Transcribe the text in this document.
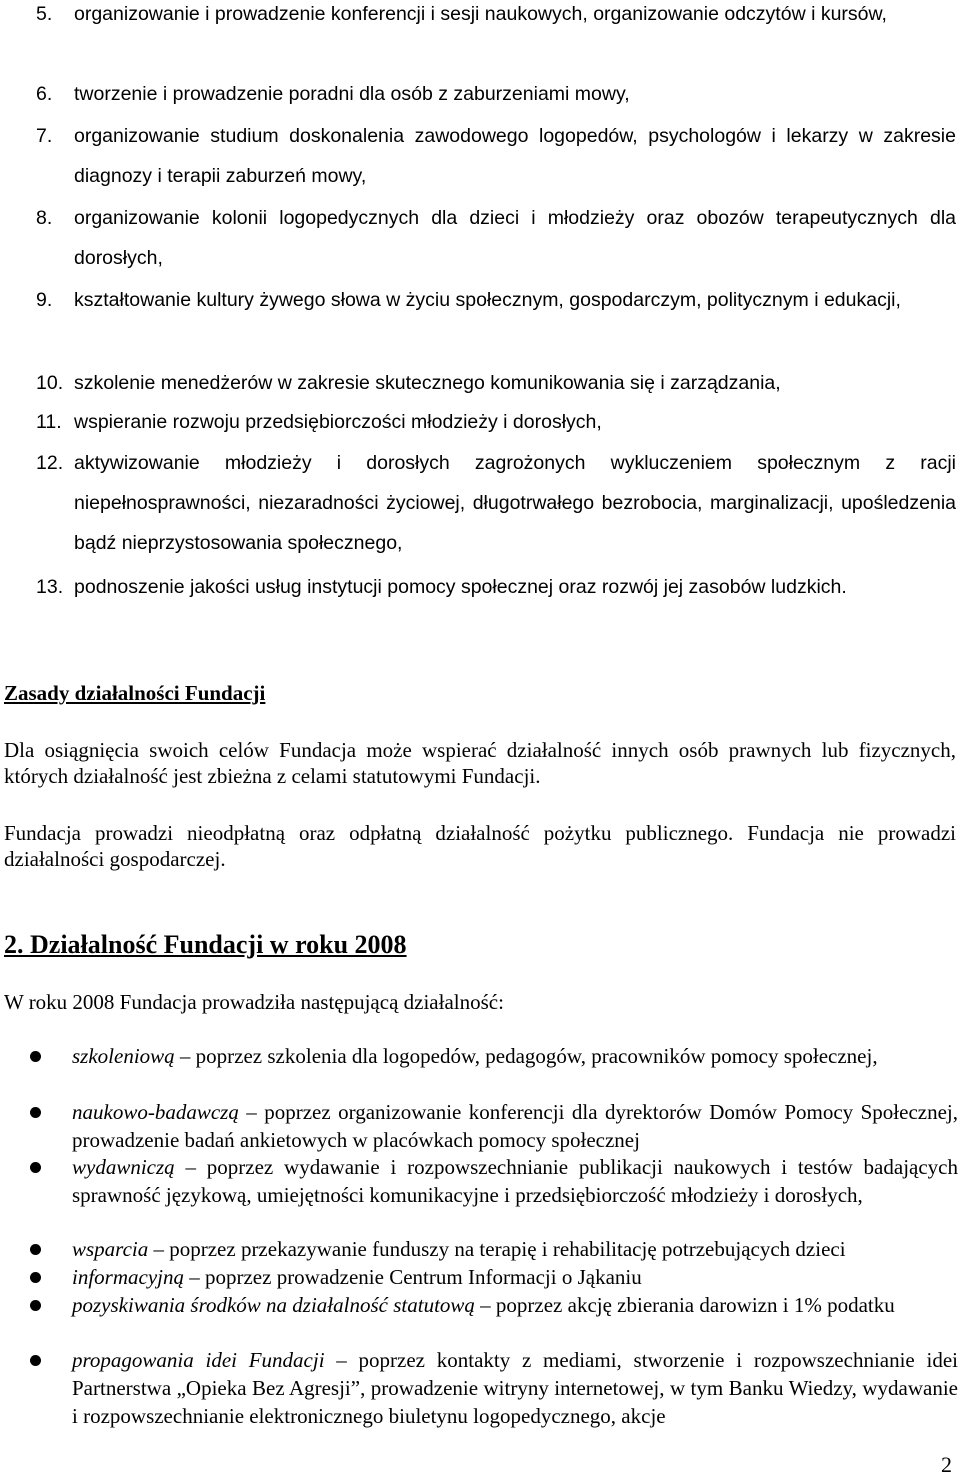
5.	organizowanie i prowadzenie konferencji i sesji naukowych, organizowanie odczytów i kursów,
6.	tworzenie i prowadzenie poradni dla osób z zaburzeniami mowy,
7.	organizowanie studium doskonalenia zawodowego logopedów, psychologów i lekarzy w zakresie diagnozy i terapii zaburzeń mowy,
8.	organizowanie kolonii logopedycznych dla dzieci i młodzieży oraz obozów terapeutycznych dla dorosłych,
9.	kształtowanie kultury żywego słowa w życiu społecznym, gospodarczym, politycznym i edukacji,
10. szkolenie menedżerów w zakresie skutecznego komunikowania się i zarządzania,
11. wspieranie rozwoju przedsiębiorczości młodzieży i dorosłych,
12. aktywizowanie młodzieży i dorosłych zagrożonych wykluczeniem społecznym z racji niepełnosprawności, niezaradności życiowej, długotrwałego bezrobocia, marginalizacji, upośledzenia bądź nieprzystosowania społecznego,
13. podnoszenie jakości usług instytucji pomocy społecznej oraz rozwój jej zasobów ludzkich.
Zasady działalności Fundacji
Dla osiągnięcia swoich celów Fundacja może wspierać działalność innych osób prawnych lub fizycznych, których działalność jest zbieżna z celami statutowymi Fundacji.
Fundacja prowadzi nieodpłatną oraz odpłatną działalność pożytku publicznego. Fundacja nie prowadzi działalności gospodarczej.
2. Działalność Fundacji w roku 2008
W roku 2008 Fundacja prowadziła następującą działalność:
szkoleniową – poprzez szkolenia dla logopedów, pedagogów, pracowników pomocy społecznej,
naukowo-badawczą – poprzez organizowanie konferencji dla dyrektorów Domów Pomocy Społecznej, prowadzenie badań ankietowych w placówkach pomocy społecznej
wydawniczą – poprzez wydawanie i rozpowszechnianie publikacji naukowych i testów badających sprawność językową, umiejętności komunikacyjne i przedsiębiorczość młodzieży i dorosłych,
wsparcia – poprzez przekazywanie funduszy na terapię i rehabilitację potrzebujących dzieci
informacyjną – poprzez prowadzenie Centrum Informacji o Jąkaniu
pozyskiwania środków na działalność statutową – poprzez akcję zbierania darowizn i 1% podatku
propagowania idei Fundacji – poprzez kontakty z mediami, stworzenie i rozpowszechnianie idei Partnerstwa „Opieka Bez Agresji”, prowadzenie witryny internetowej, w tym Banku Wiedzy, wydawanie i rozpowszechnianie elektronicznego biuletynu logopedycznego, akcje
2
